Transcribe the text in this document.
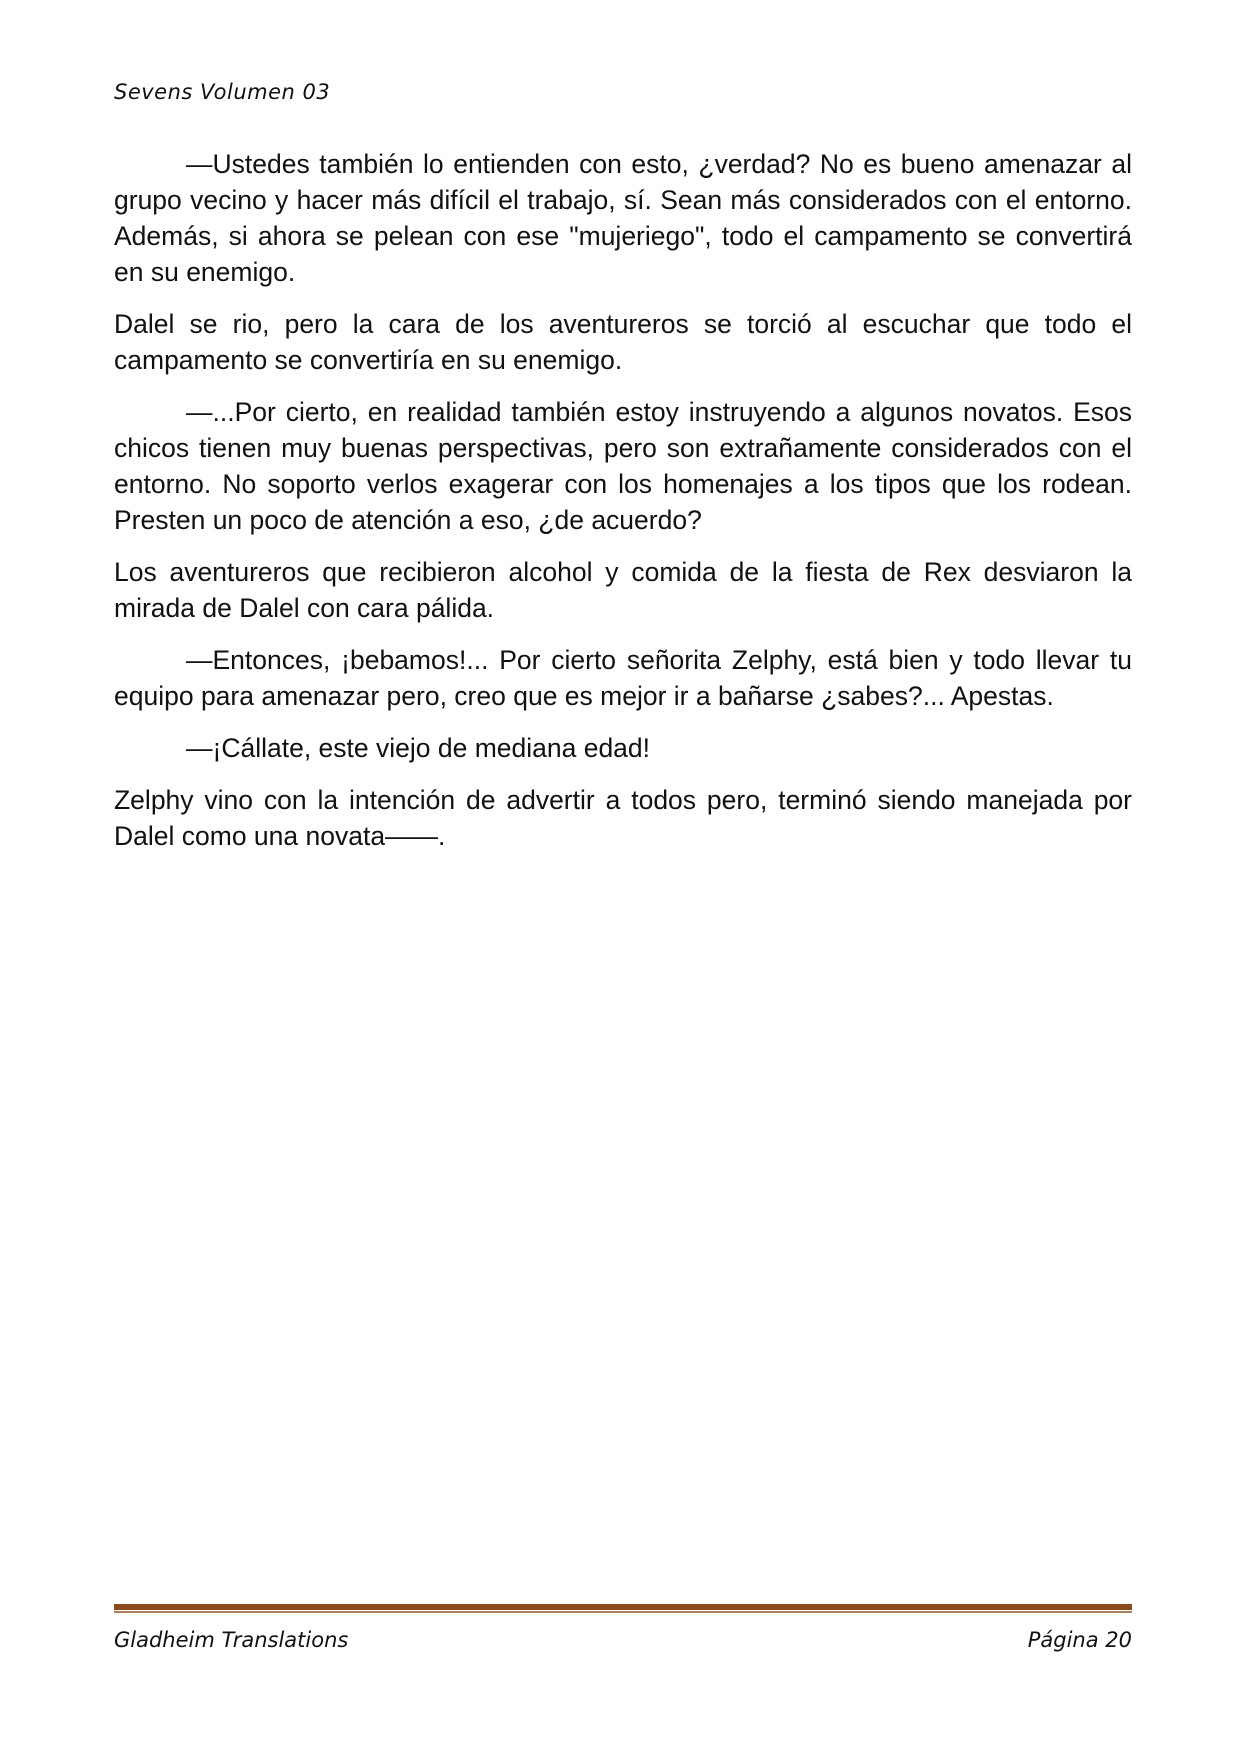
Sevens Volumen 03

—Ustedes también lo entienden con esto, ¿verdad? No es bueno amenazar al grupo vecino y hacer más difícil el trabajo, sí. Sean más considerados con el entorno. Además, si ahora se pelean con ese "mujeriego", todo el campamento se convertirá en su enemigo.

Dalel se rio, pero la cara de los aventureros se torció al escuchar que todo el campamento se convertiría en su enemigo.

—...Por cierto, en realidad también estoy instruyendo a algunos novatos. Esos chicos tienen muy buenas perspectivas, pero son extrañamente considerados con el entorno. No soporto verlos exagerar con los homenajes a los tipos que los rodean. Presten un poco de atención a eso, ¿de acuerdo?

Los aventureros que recibieron alcohol y comida de la fiesta de Rex desviaron la mirada de Dalel con cara pálida.

—Entonces, ¡bebamos!... Por cierto señorita Zelphy, está bien y todo llevar tu equipo para amenazar pero, creo que es mejor ir a bañarse ¿sabes?... Apestas.

—¡Cállate, este viejo de mediana edad!

Zelphy vino con la intención de advertir a todos pero, terminó siendo manejada por Dalel como una novata——.

Gladheim Translations	Página 20
